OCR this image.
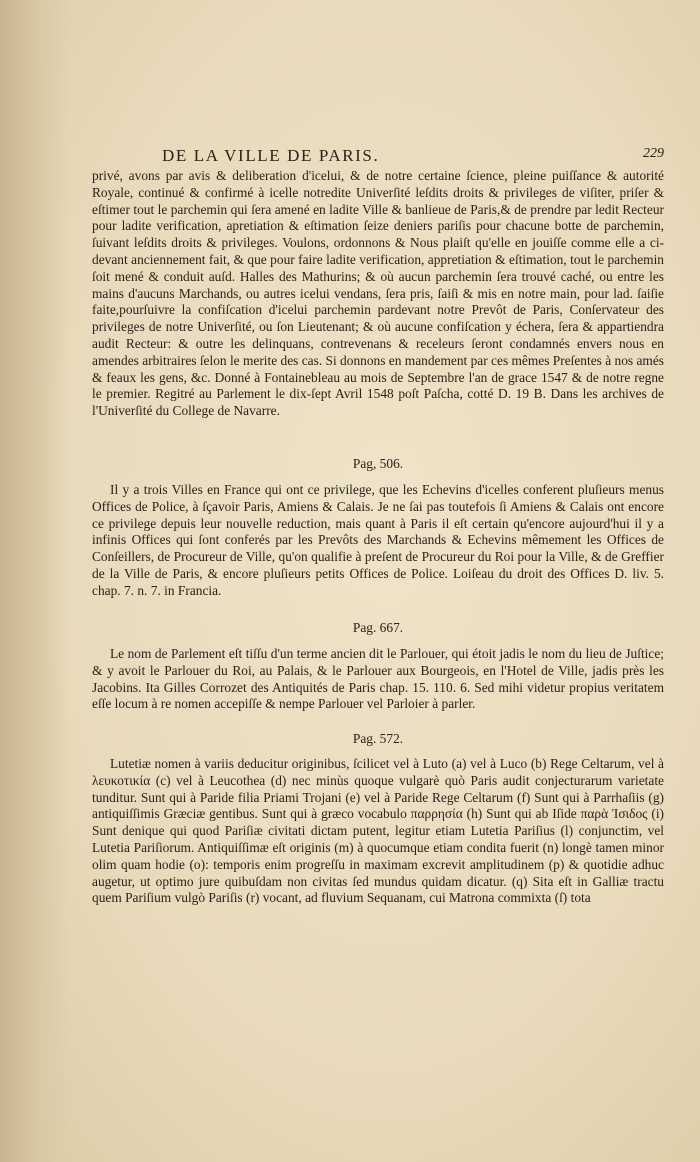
DE LA VILLE DE PARIS.	229

privé, avons par avis & deliberation d'icelui, & de notre certaine ſcience, pleine puiſſance & autorité Royale, continué & confirmé à icelle notredite Univerſité leſdits droits & privileges de viſiter, priſer & eſtimer tout le parchemin qui ſera amené en ladite Ville & banlieue de Paris,& de prendre par ledit Recteur pour ladite verification, apretiation & eſtimation ſeize deniers pariſis pour chacune botte de parchemin, ſuivant leſdits droits & privileges. Voulons, ordonnons & Nous plaiſt qu'elle en jouiſſe comme elle a ci-devant anciennement fait, & que pour faire ladite verification, appretiation & eſtimation, tout le parchemin ſoit mené & conduit auſd. Halles des Mathurins; & où aucun parchemin ſera trouvé caché, ou entre les mains d'aucuns Marchands, ou autres icelui vendans, ſera pris, ſaiſi & mis en notre main, pour lad. ſaiſie faite,pourſuivre la confiſcation d'icelui parchemin pardevant notre Prevôt de Paris, Conſervateur des privileges de notre Univerſité, ou ſon Lieutenant; & où aucune confiſcation y échera, ſera & appartiendra audit Recteur: & outre les delinquans, contrevenans & receleurs ſeront condamnés envers nous en amendes arbitraires ſelon le merite des cas. Si donnons en mandement par ces mêmes Preſentes à nos amés & feaux les gens, &c. Donné à Fontainebleau au mois de Septembre l'an de grace 1547 & de notre regne le premier. Regitré au Parlement le dix-ſept Avril 1548 poſt Paſcha, cotté D. 19 B. Dans les archives de l'Univerſité du College de Navarre.

Pag, 506.

Il y a trois Villes en France qui ont ce privilege, que les Echevins d'icelles conferent pluſieurs menus Offices de Police, à ſçavoir Paris, Amiens & Calais. Je ne ſai pas toutefois ſi Amiens & Calais ont encore ce privilege depuis leur nouvelle reduction, mais quant à Paris il eſt certain qu'encore aujourd'hui il y a infinis Offices qui ſont conferés par les Prevôts des Marchands & Echevins mêmement les Offices de Conſeillers, de Procureur de Ville, qu'on qualifie à preſent de Procureur du Roi pour la Ville, & de Greffier de la Ville de Paris, & encore pluſieurs petits Offices de Police. Loiſeau du droit des Offices D. liv. 5. chap. 7. n. 7. in Francia.

Pag. 667.

Le nom de Parlement eſt tiſſu d'un terme ancien dit le Parlouer, qui étoit jadis le nom du lieu de Juſtice; & y avoit le Parlouer du Roi, au Palais, & le Parlouer aux Bourgeois, en l'Hotel de Ville, jadis près les Jacobins. Ita Gilles Corrozet des Antiquités de Paris chap. 15. 110. 6. Sed mihi videtur propius veritatem eſſe locum à re nomen accepiſſe & nempe Parlouer vel Parloier à parler.

Pag. 572.

Lutetiæ nomen à variis deducitur originibus, ſcilicet vel à Luto (a) vel à Luco (b) Rege Celtarum, vel à λευκοτικία (c) vel à Leucothea (d) nec minùs quoque vulgarè quò Paris audit conjecturarum varietate tunditur. Sunt qui à Paride filia Priami Trojani (e) vel à Paride Rege Celtarum (f) Sunt qui à Parrhaſiis (g) antiquiſſimis Græciæ gentibus. Sunt qui à græco vocabulo παρρησία (h) Sunt qui ab Iſide παρὰ Ἰσιδος (i) Sunt denique qui quod Pariſiæ civitati dictam putent, legitur etiam Lutetia Pariſius (l) conjunctim, vel Lutetia Pariſiorum. Antiquiſſimæ eſt originis (m) à quocumque etiam condita fuerit (n) longè tamen minor olim quam hodie (o): temporis enim progreſſu in maximam excrevit amplitudinem (p) & quotidie adhuc augetur, ut optimo jure quibuſdam non civitas ſed mundus quidam dicatur. (q) Sita eſt in Galliæ tractu quem Pariſium vulgò Pariſis (r) vocant, ad fluvium Sequanam, cui Matrona commixta (ſ) tota
